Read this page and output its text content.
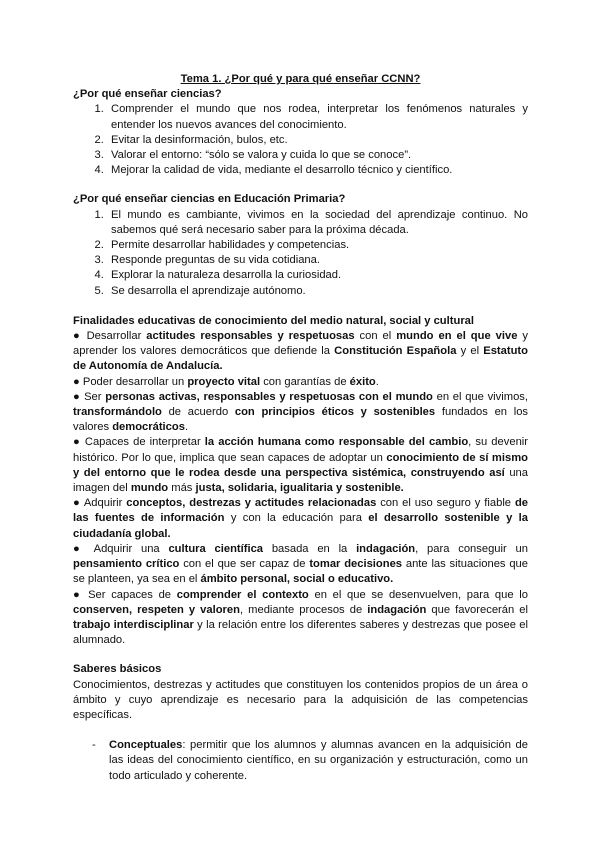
Tema 1. ¿Por qué y para qué enseñar CCNN?

¿Por qué enseñar ciencias?

1. Comprender el mundo que nos rodea, interpretar los fenómenos naturales y entender los nuevos avances del conocimiento.
2. Evitar la desinformación, bulos, etc.
3. Valorar el entorno: “sólo se valora y cuida lo que se conoce”.
4. Mejorar la calidad de vida, mediante el desarrollo técnico y científico.

¿Por qué enseñar ciencias en Educación Primaria?

1. El mundo es cambiante, vivimos en la sociedad del aprendizaje continuo. No sabemos qué será necesario saber para la próxima década.
2. Permite desarrollar habilidades y competencias.
3. Responde preguntas de su vida cotidiana.
4. Explorar la naturaleza desarrolla la curiosidad.
5. Se desarrolla el aprendizaje autónomo.

Finalidades educativas de conocimiento del medio natural, social y cultural

● Desarrollar actitudes responsables y respetuosas con el mundo en el que vive y aprender los valores democráticos que defiende la Constitución Española y el Estatuto de Autonomía de Andalucía.

● Poder desarrollar un proyecto vital con garantías de éxito.

● Ser personas activas, responsables y respetuosas con el mundo en el que vivimos, transformándolo de acuerdo con principios éticos y sostenibles fundados en los valores democráticos.

● Capaces de interpretar la acción humana como responsable del cambio, su devenir histórico. Por lo que, implica que sean capaces de adoptar un conocimiento de sí mismo y del entorno que le rodea desde una perspectiva sistémica, construyendo así una imagen del mundo más justa, solidaria, igualitaria y sostenible.

● Adquirir conceptos, destrezas y actitudes relacionadas con el uso seguro y fiable de las fuentes de información y con la educación para el desarrollo sostenible y la ciudadanía global.

● Adquirir una cultura científica basada en la indagación, para conseguir un pensamiento crítico con el que ser capaz de tomar decisiones ante las situaciones que se planteen, ya sea en el ámbito personal, social o educativo.

● Ser capaces de comprender el contexto en el que se desenvuelven, para que lo conserven, respeten y valoren, mediante procesos de indagación que favorecerán el trabajo interdisciplinar y la relación entre los diferentes saberes y destrezas que posee el alumnado.

Saberes básicos

Conocimientos, destrezas y actitudes que constituyen los contenidos propios de un área o ámbito y cuyo aprendizaje es necesario para la adquisición de las competencias específicas.

-	Conceptuales: permitir que los alumnos y alumnas avancen en la adquisición de las ideas del conocimiento científico, en su organización y estructuración, como un todo articulado y coherente.
